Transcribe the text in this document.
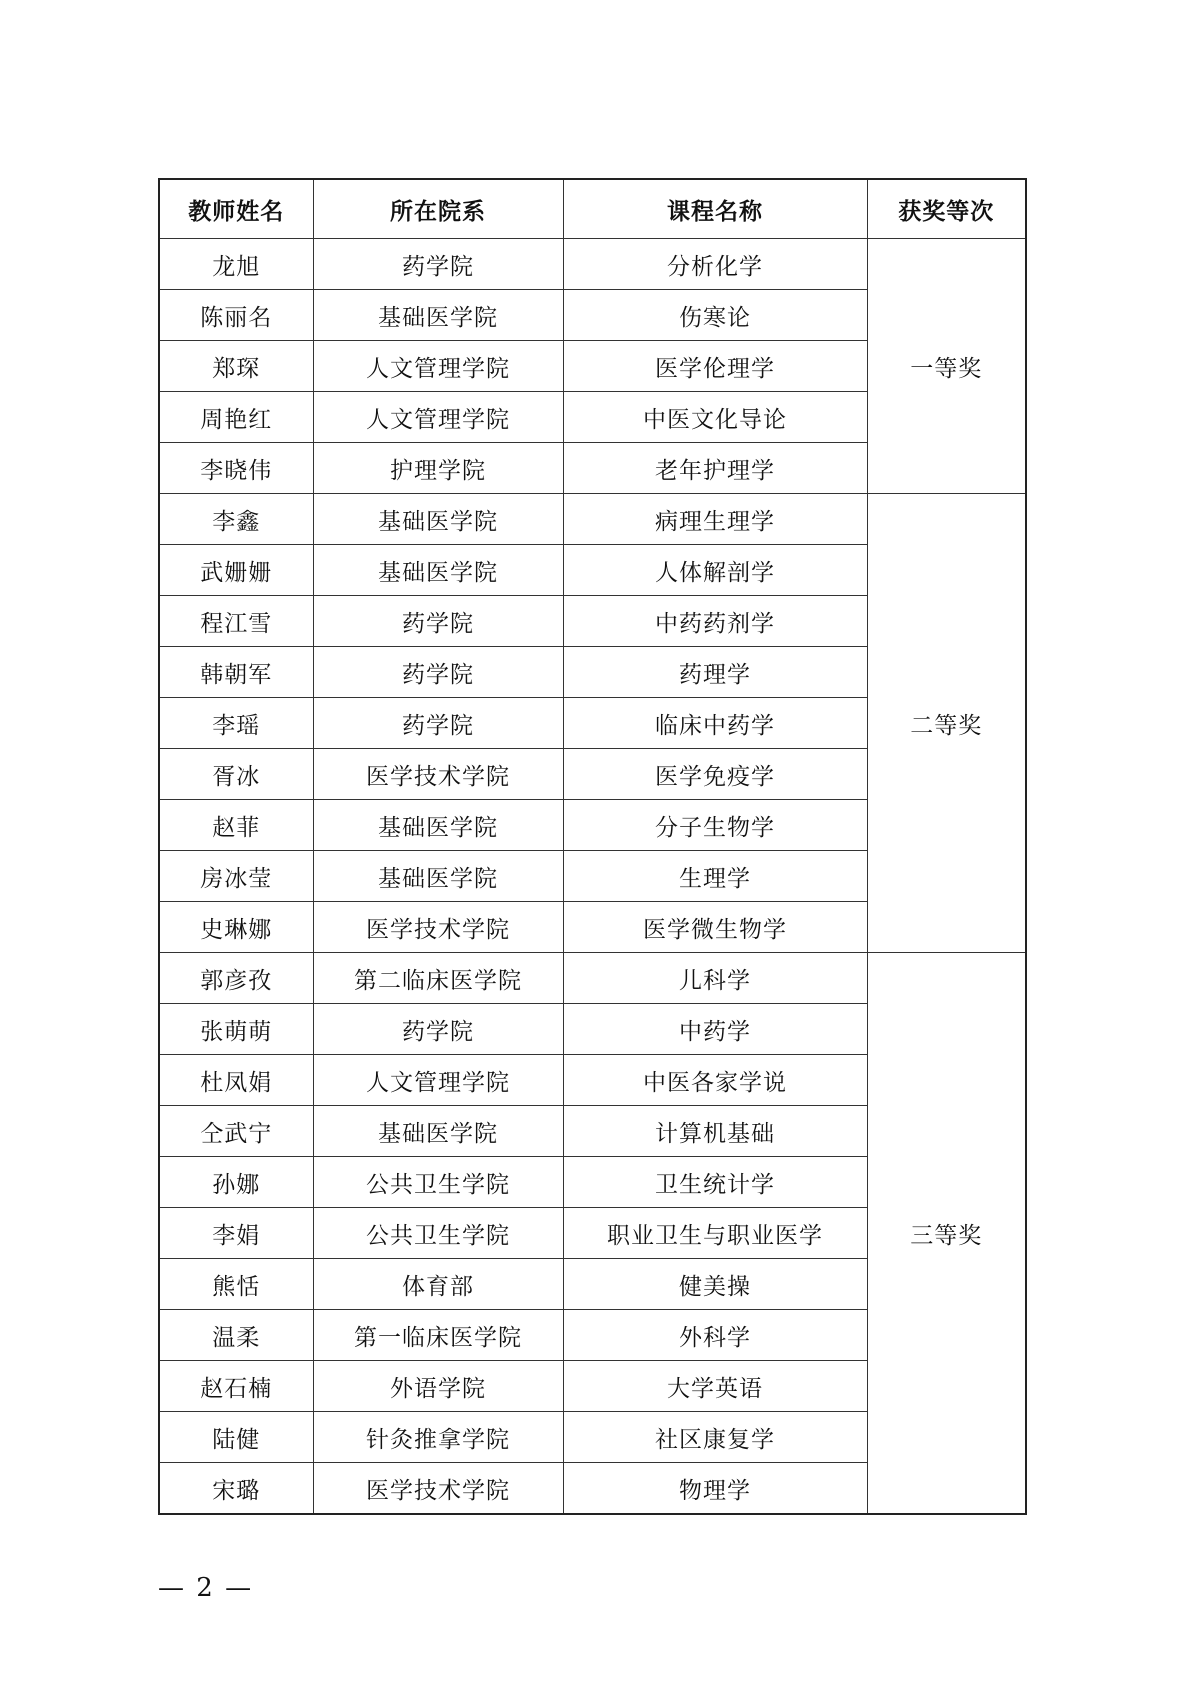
教师姓名	所在院系	课程名称	获奖等次
龙旭	药学院	分析化学	一等奖
陈丽名	基础医学院	伤寒论	
郑琛	人文管理学院	医学伦理学	
周艳红	人文管理学院	中医文化导论	
李晓伟	护理学院	老年护理学	
李鑫	基础医学院	病理生理学	二等奖
武姗姗	基础医学院	人体解剖学	
程江雪	药学院	中药药剂学	
韩朝军	药学院	药理学	
李瑶	药学院	临床中药学	
胥冰	医学技术学院	医学免疫学	
赵菲	基础医学院	分子生物学	
房冰莹	基础医学院	生理学	
史琳娜	医学技术学院	医学微生物学	
郭彦孜	第二临床医学院	儿科学	三等奖
张萌萌	药学院	中药学	
杜凤娟	人文管理学院	中医各家学说	
仝武宁	基础医学院	计算机基础	
孙娜	公共卫生学院	卫生统计学	
李娟	公共卫生学院	职业卫生与职业医学	
熊恬	体育部	健美操	
温柔	第一临床医学院	外科学	
赵石楠	外语学院	大学英语	
陆健	针灸推拿学院	社区康复学	
宋璐	医学技术学院	物理学	
— 2 —
